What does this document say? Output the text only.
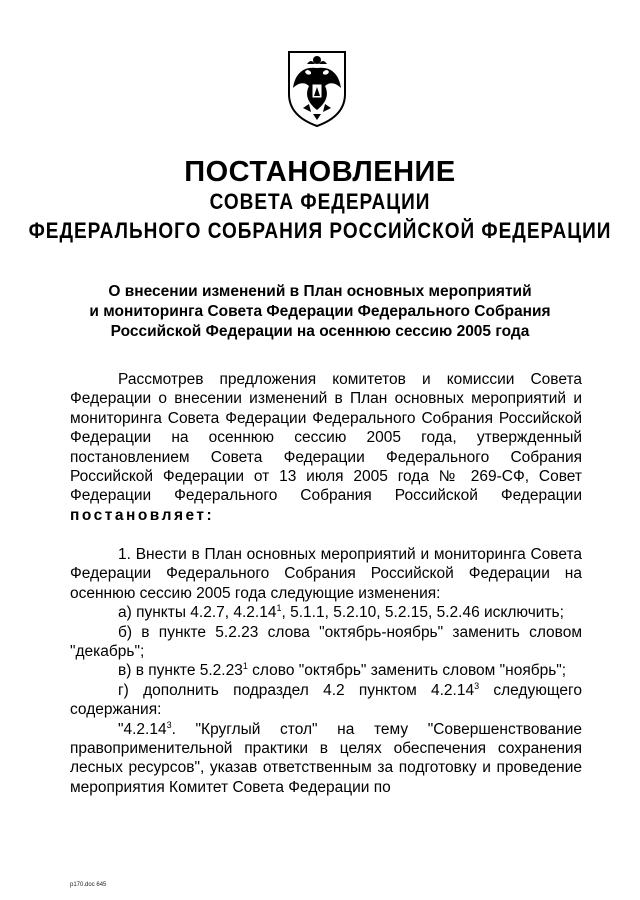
ПОСТАНОВЛЕНИЕ
СОВЕТА ФЕДЕРАЦИИ
ФЕДЕРАЛЬНОГО СОБРАНИЯ РОССИЙСКОЙ ФЕДЕРАЦИИ
О внесении изменений в План основных мероприятий
и мониторинга Совета Федерации Федерального Собрания
Российской Федерации на осеннюю сессию 2005 года
Рассмотрев предложения комитетов и комиссии Совета Федерации о внесении изменений в План основных мероприятий и мониторинга Совета Федерации Федерального Собрания Российской Федерации на осеннюю сессию 2005 года, утвержденный постановлением Совета Федерации Федерального Собрания Российской Федерации от 13 июля 2005 года № 269-СФ, Совет Федерации Федерального Собрания Российской Федерации постановляет:
1. Внести в План основных мероприятий и мониторинга Совета Федерации Федерального Собрания Российской Федерации на осеннюю сессию 2005 года следующие изменения:
а) пункты 4.2.7, 4.2.14$^1$, 5.1.1, 5.2.10, 5.2.15, 5.2.46 исключить;
б) в пункте 5.2.23 слова "октябрь-ноябрь" заменить словом "декабрь";
в) в пункте 5.2.23$^1$ слово "октябрь" заменить словом "ноябрь";
г) дополнить подраздел 4.2 пунктом 4.2.14$^3$ следующего содержания:
"4.2.14$^3$. "Круглый стол" на тему "Совершенствование правоприменительной практики в целях обеспечения сохранения лесных ресурсов", указав ответственным за подготовку и проведение мероприятия Комитет Совета Федерации по
p170.doc 645
